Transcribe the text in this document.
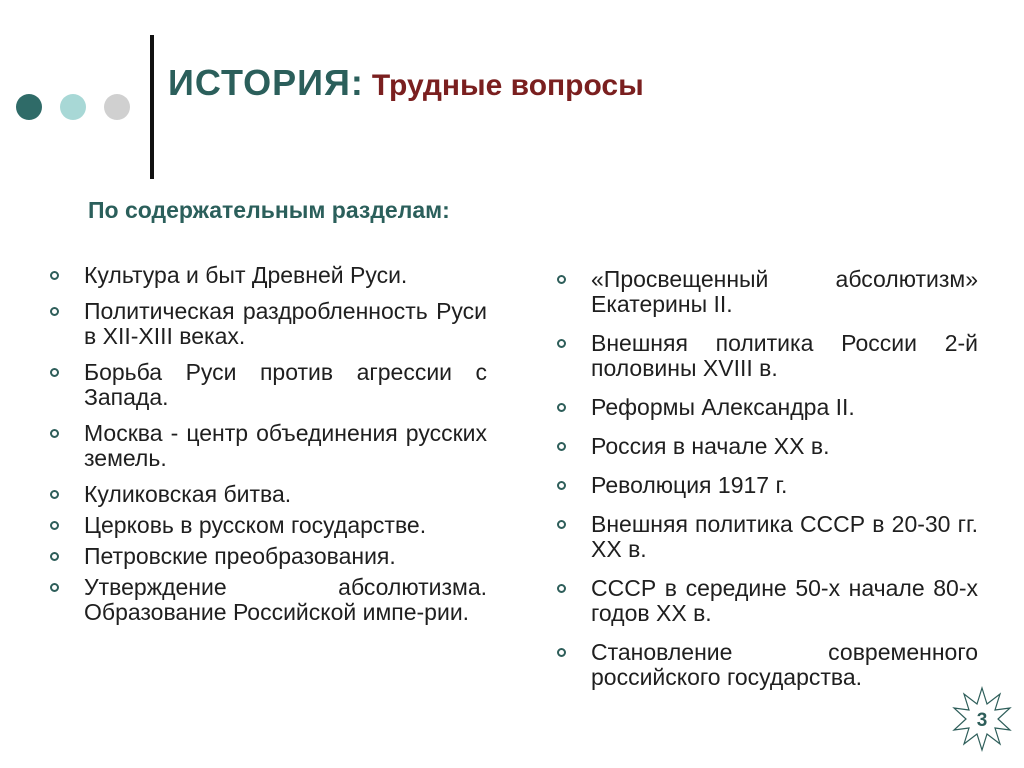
ИСТОРИЯ: Трудные вопросы
По содержательным разделам:
Культура и быт Древней Руси.
Политическая раздробленность Руси в XII-XIII веках.
Борьба Руси против агрессии с Запада.
Москва - центр объединения русских земель.
Куликовская битва.
Церковь в русском государстве.
Петровские преобразования.
Утверждение абсолютизма. Образование Российской импе-рии.
«Просвещенный абсолютизм» Екатерины II.
Внешняя политика России 2-й половины XVIII в.
Реформы Александра II.
Россия в начале XX в.
Революция 1917 г.
Внешняя политика СССР в 20-30 гг. XX в.
СССР в середине 50-х начале 80-х годов XX в.
Становление современного российского государства.
3
